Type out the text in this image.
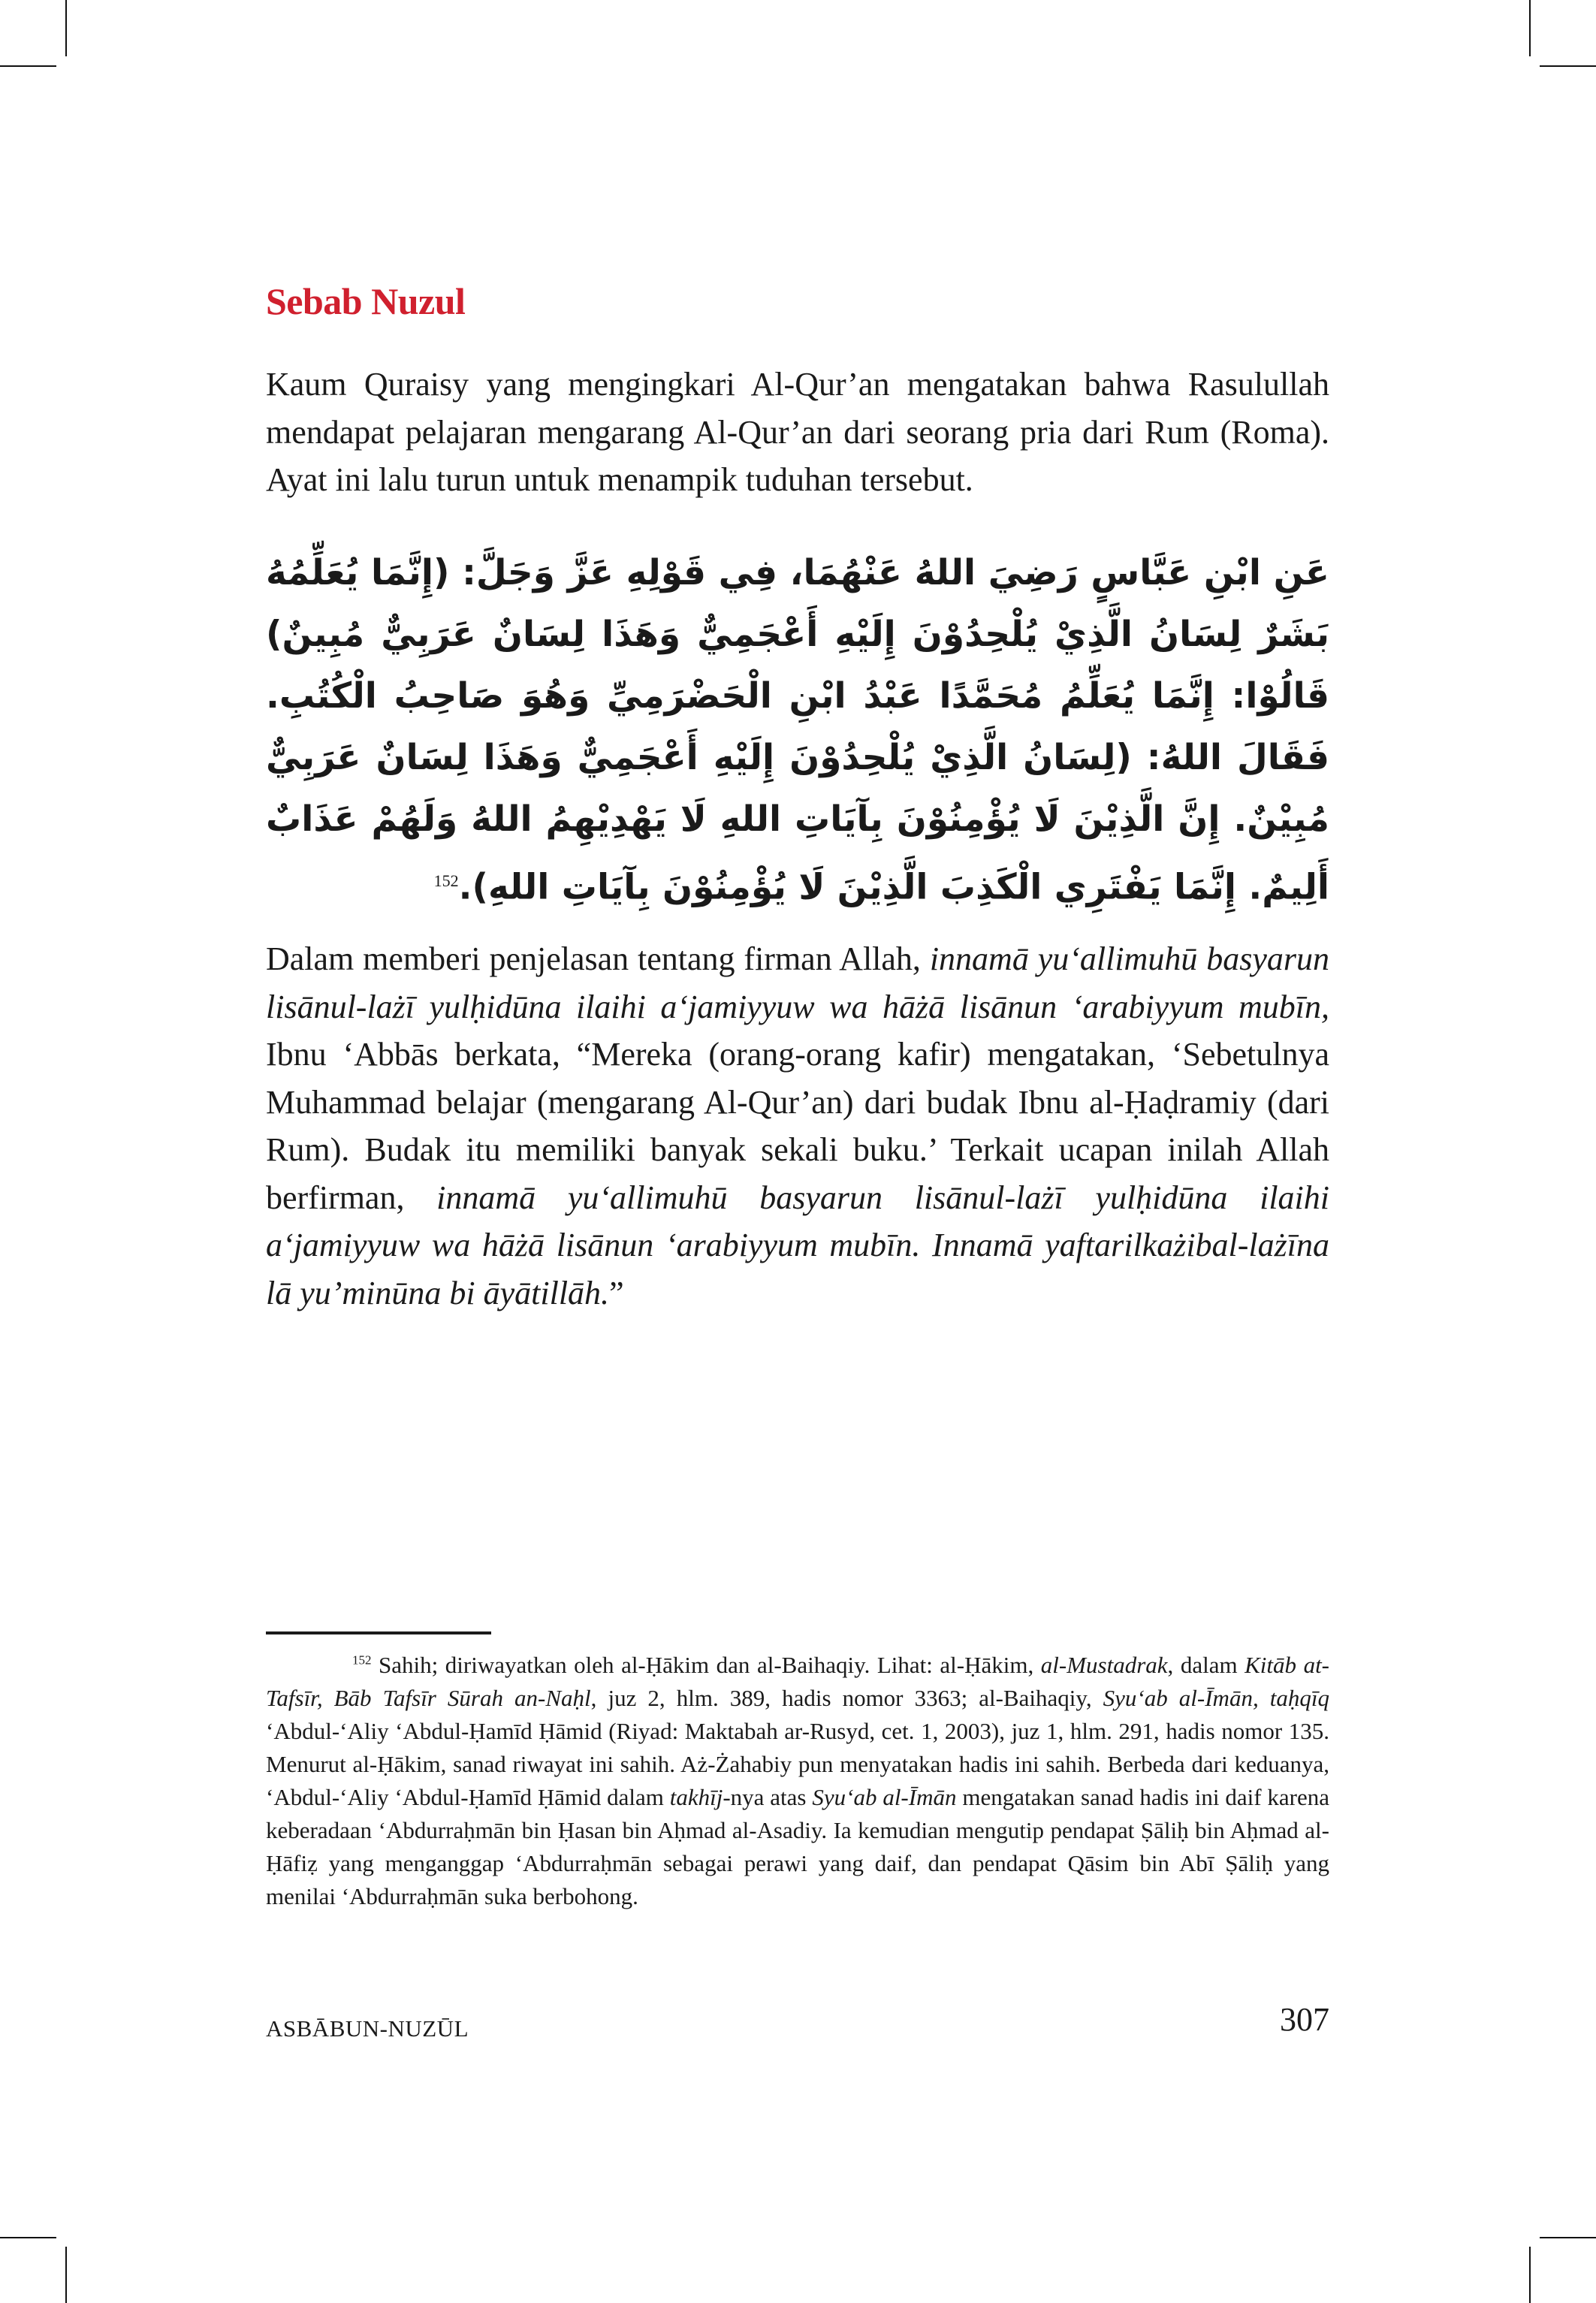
Sebab Nuzul

Kaum Quraisy yang mengingkari Al-Qur’an mengatakan bahwa Rasulullah mendapat pelajaran mengarang Al-Qur’an dari seorang pria dari Rum (Roma). Ayat ini lalu turun untuk menampik tuduhan tersebut.

عَنِ ابْنِ عَبَّاسٍ رَضِيَ اللهُ عَنْهُمَا، فِي قَوْلِهِ عَزَّ وَجَلَّ: (إِنَّمَا يُعَلِّمُهُ بَشَرٌ لِسَانُ الَّذِيْ يُلْحِدُوْنَ إِلَيْهِ أَعْجَمِيٌّ وَهَذَا لِسَانٌ عَرَبِيٌّ مُبِينٌ) قَالُوْا: إِنَّمَا يُعَلِّمُ مُحَمَّدًا عَبْدُ ابْنِ الْحَضْرَمِيِّ وَهُوَ صَاحِبُ الْكُتُبِ. فَقَالَ اللهُ: (لِسَانُ الَّذِيْ يُلْحِدُوْنَ إِلَيْهِ أَعْجَمِيٌّ وَهَذَا لِسَانٌ عَرَبِيٌّ مُبِيْنٌ. إِنَّ الَّذِيْنَ لَا يُؤْمِنُوْنَ بِآيَاتِ اللهِ لَا يَهْدِيْهِمُ اللهُ وَلَهُمْ عَذَابٌ أَلِيمٌ. إِنَّمَا يَفْتَرِي الْكَذِبَ الَّذِيْنَ لَا يُؤْمِنُوْنَ بِآيَاتِ اللهِ).$^{152}$

Dalam memberi penjelasan tentang firman Allah, innamā yu‘allimuhū basyarun lisānul-lażī yulḥidūna ilaihi a‘jamiyyuw wa hāżā lisānun ‘arabiyyum mubīn, Ibnu ‘Abbās berkata, “Mereka (orang-orang kafir) mengatakan, ‘Sebetulnya Muhammad belajar (mengarang Al-Qur’an) dari budak Ibnu al-Ḥaḍramiy (dari Rum). Budak itu memiliki banyak sekali buku.’ Terkait ucapan inilah Allah berfirman, innamā yu‘allimuhū basyarun lisānul-lażī yulḥidūna ilaihi a‘jamiyyuw wa hāżā lisānun ‘arabiyyum mubīn. Innamā yaftarilkażibal-lażīna lā yu’minūna bi āyātillāh.”

$^{152}$ Sahih; diriwayatkan oleh al-Ḥākim dan al-Baihaqiy. Lihat: al-Ḥākim, al-Mustadrak, dalam Kitāb at-Tafsīr, Bāb Tafsīr Sūrah an-Naḥl, juz 2, hlm. 389, hadis nomor 3363; al-Baihaqiy, Syu‘ab al-Īmān, taḥqīq ‘Abdul-‘Aliy ‘Abdul-Ḥamīd Ḥāmid (Riyad: Maktabah ar-Rusyd, cet. 1, 2003), juz 1, hlm. 291, hadis nomor 135. Menurut al-Ḥākim, sanad riwayat ini sahih. Aż-Żahabiy pun menyatakan hadis ini sahih. Berbeda dari keduanya, ‘Abdul-‘Aliy ‘Abdul-Ḥamīd Ḥāmid dalam takhīj-nya atas Syu‘ab al-Īmān mengatakan sanad hadis ini daif karena keberadaan ‘Abdurraḥmān bin Ḥasan bin Aḥmad al-Asadiy. Ia kemudian mengutip pendapat Ṣāliḥ bin Aḥmad al-Ḥāfiẓ yang menganggap ‘Abdurraḥmān sebagai perawi yang daif, dan pendapat Qāsim bin Abī Ṣāliḥ yang menilai ‘Abdurraḥmān suka berbohong.

ASBĀBUN-NUZŪL	307
